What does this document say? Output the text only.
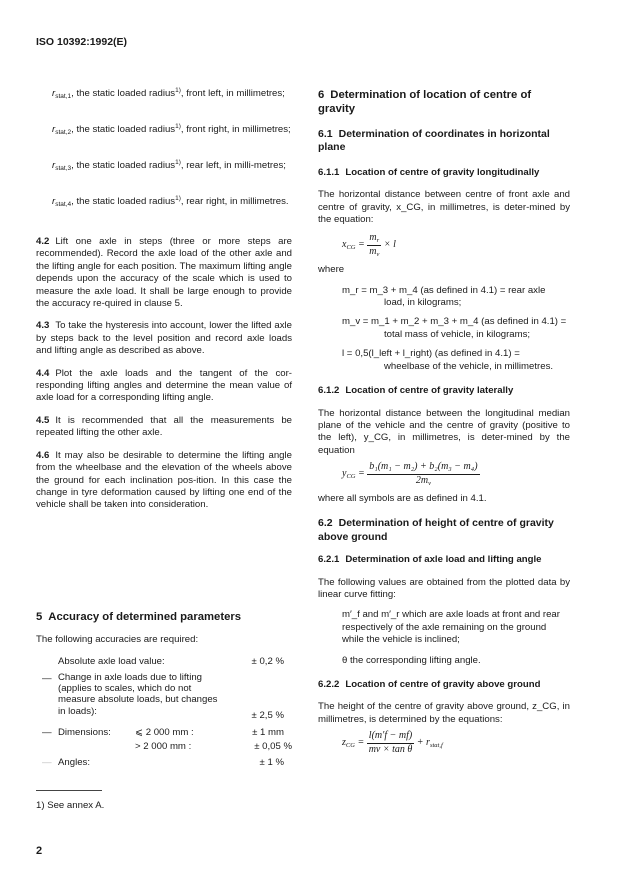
ISO 10392:1992(E)

$r_{stat,1}$, the static loaded radius$^{1)}$, front left, in millimetres;

$r_{stat,2}$, the static loaded radius$^{1)}$, front right, in millimetres;

$r_{stat,3}$, the static loaded radius$^{1)}$, rear left, in milli-metres;

$r_{stat,4}$, the static loaded radius$^{1)}$, rear right, in millimetres.

4.2 Lift one axle in steps (three or more steps are recommended). Record the axle load of the other axle and the lifting angle for each position. The maximum lifting angle depends upon the accuracy of the scale which is used to measure the axle load. It shall be large enough to provide the accuracy re-quired in clause 5.

4.3 To take the hysteresis into account, lower the lifted axle by steps back to the level position and record axle loads and lifting angle as described as above.

4.4 Plot the axle loads and the tangent of the cor-responding lifting angles and determine the mean value of axle load for a corresponding lifting angle.

4.5 It is recommended that all the measurements be repeated lifting the other axle.

4.6 It may also be desirable to determine the lifting angle from the wheelbase and the elevation of the wheels above the ground for each inclination pos-ition. In this case the change in tyre deformation caused by lifting one end of the vehicle shall be taken into consideration.

5 Accuracy of determined parameters

The following accuracies are required:

Absolute axle load value:	± 0,2 %
— Change in axle loads due to lifting (applies to scales, which do not measure absolute loads, but changes in loads):	± 2,5 %
— Dimensions:	⩽ 2 000 mm :	± 1 mm
> 2 000 mm :	± 0,05 %
— Angles:	± 1 %
1) See annex A.
2
6 Determination of location of centre of gravity
6.1 Determination of coordinates in horizontal plane
6.1.1 Location of centre of gravity longitudinally

The horizontal distance between centre of front axle and centre of gravity, x_CG, in millimetres, is deter-mined by the equation:

$x_{CG} = \frac{m_r}{m_v} \times l$

where

m_r = m_3 + m_4 (as defined in 4.1) = rear axle
load, in kilograms;
m_v = m_1 + m_2 + m_3 + m_4 (as defined in 4.1) =
total mass of vehicle, in kilograms;
l = 0,5(l_left + l_right) (as defined in 4.1) =
wheelbase of the vehicle, in millimetres.
6.1.2 Location of centre of gravity laterally

The horizontal distance between the longitudinal median plane of the vehicle and the centre of gravity (positive to the left), y_CG, in millimetres, is deter-mined by the equation

$y_{CG} = \frac{\text{b₁(m₁ − m₂) + b₂(m₃ − m₄)}}{2m_v}$

where all symbols are as defined in 4.1.

6.2 Determination of height of centre of gravity above ground
6.2.1 Determination of axle load and lifting angle

The following values are obtained from the plotted data by linear curve fitting:

m′_f and m′_r which are axle loads at front and rear respectively of the axle remaining on the ground while the vehicle is inclined;

θ the corresponding lifting angle.

6.2.2 Location of centre of gravity above ground

The height of the centre of gravity above ground, z_CG, in millimetres, is determined by the equations:

$z_{CG} = \frac{l(m'f - mf)}{\text{mv × tan θ}} + r_{stat,f}$
